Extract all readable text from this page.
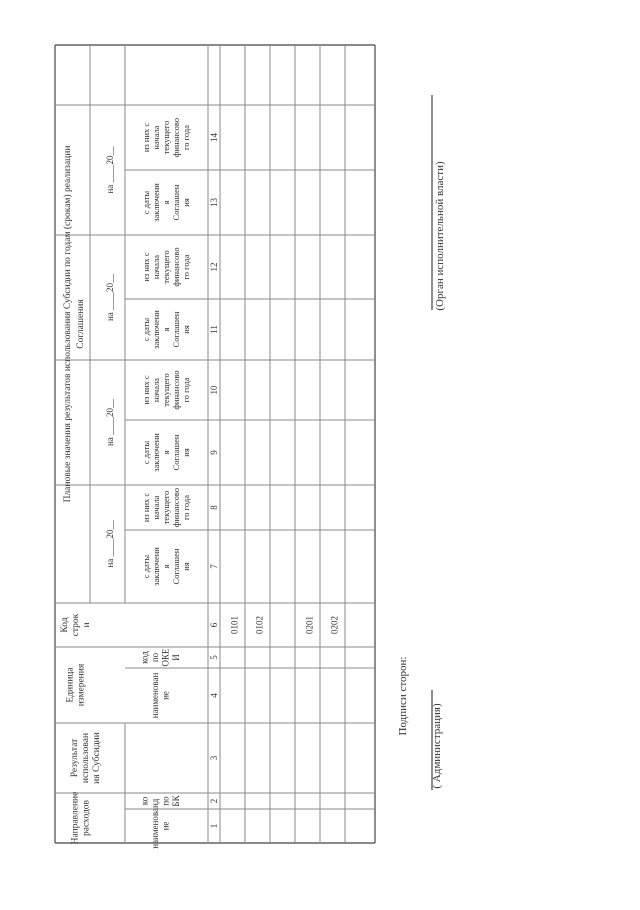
Плановые значения результатов использования Субсидии по годам (срокам) реализации Соглашения
Направлениерасходов
Результатиспользования Субсидии
Единицаизмерения
Кодстроки
наименование
кодпоБК
наименование
кодпоОКЕИ
на ____20__	с датызаключенияСоглашения
из них сначалатекущегофинансового года
на ____20__
с датызаключенияСоглашения
из них сначалатекущегофинансового года
на ____20__
с датызаключенияСоглашения
из них сначалатекущегофинансового года
на ____20__
с датызаключенияСоглашения
из них сначалатекущегофинансового года
1
2
3
4
5
6
7
8
9
10
11
12
13
14
0101 0102	0201 0202
Подписи сторон:
( Администрация)
(Орган исполнительной власти)
